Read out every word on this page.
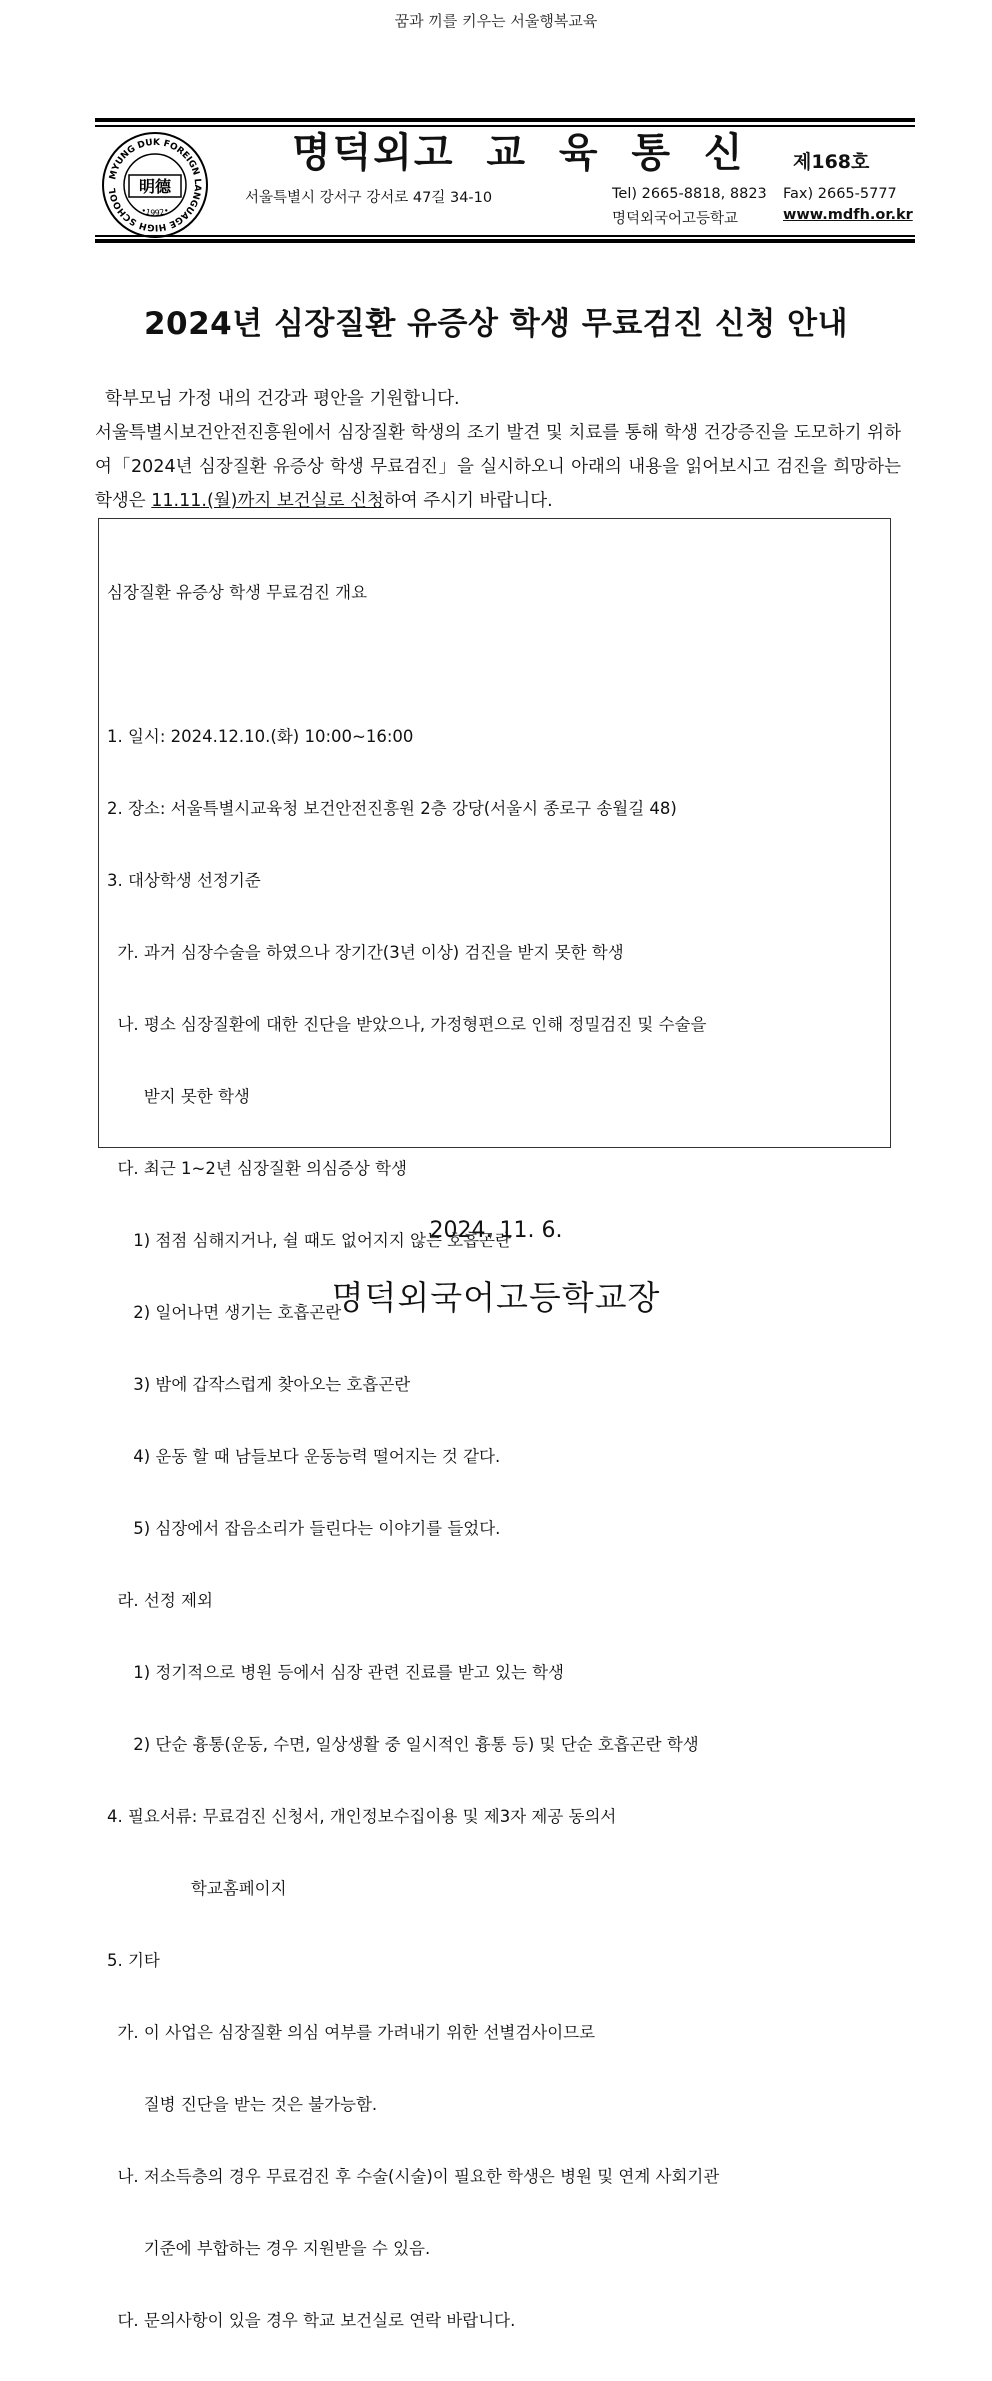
꿈과 끼를 키우는 서울행복교육
MYUNG DUK FOREIGN LANGUAGE HIGH SCHOOL
•1992•
明德
명덕외고  교  육  통  신	제168호
서울특별시 강서구 강서로 47길 34-10	Tel) 2665-8818, 8823 Fax) 2665-5777
명덕외국어고등학교	www.mdfh.or.kr
2024년 심장질환 유증상 학생 무료검진 신청 안내

학부모님 가정 내의 건강과 평안을 기원합니다.

서울특별시보건안전진흥원에서 심장질환 학생의 조기 발견 및 치료를 통해 학생 건강증진을 도모하기 위하여「2024년 심장질환 유증상 학생 무료검진」을 실시하오니 아래의 내용을 읽어보시고 검진을 희망하는 학생은 11.11.(월)까지 보건실로 신청하여 주시기 바랍니다.

심장질환 유증상 학생 무료검진 개요

1. 일시: 2024.12.10.(화) 10:00~16:00

2. 장소: 서울특별시교육청 보건안전진흥원 2층 강당(서울시 종로구 송월길 48)

3. 대상학생 선정기준

가. 과거 심장수술을 하였으나 장기간(3년 이상) 검진을 받지 못한 학생

나. 평소 심장질환에 대한 진단을 받았으나, 가정형편으로 인해 정밀검진 및 수술을

받지 못한 학생

다. 최근 1~2년 심장질환 의심증상 학생

1) 점점 심해지거나, 쉴 때도 없어지지 않는 호흡곤란

2) 일어나면 생기는 호흡곤란

3) 밤에 갑작스럽게 찾아오는 호흡곤란

4) 운동 할 때 남들보다 운동능력 떨어지는 것 같다.

5) 심장에서 잡음소리가 들린다는 이야기를 들었다.

라. 선정 제외

1) 정기적으로 병원 등에서 심장 관련 진료를 받고 있는 학생

2) 단순 흉통(운동, 수면, 일상생활 중 일시적인 흉통 등) 및 단순 호흡곤란 학생

4. 필요서류: 무료검진 신청서, 개인정보수집이용 및 제3자 제공 동의서

학교홈페이지

5. 기타

가. 이 사업은 심장질환 의심 여부를 가려내기 위한 선별검사이므로

질병 진단을 받는 것은 불가능함.

나. 저소득층의 경우 무료검진 후 수술(시술)이 필요한 학생은 병원 및 연계 사회기관

기준에 부합하는 경우 지원받을 수 있음.

다. 문의사항이 있을 경우 학교 보건실로 연락 바랍니다.

2024. 11. 6.
명덕외국어고등학교장
